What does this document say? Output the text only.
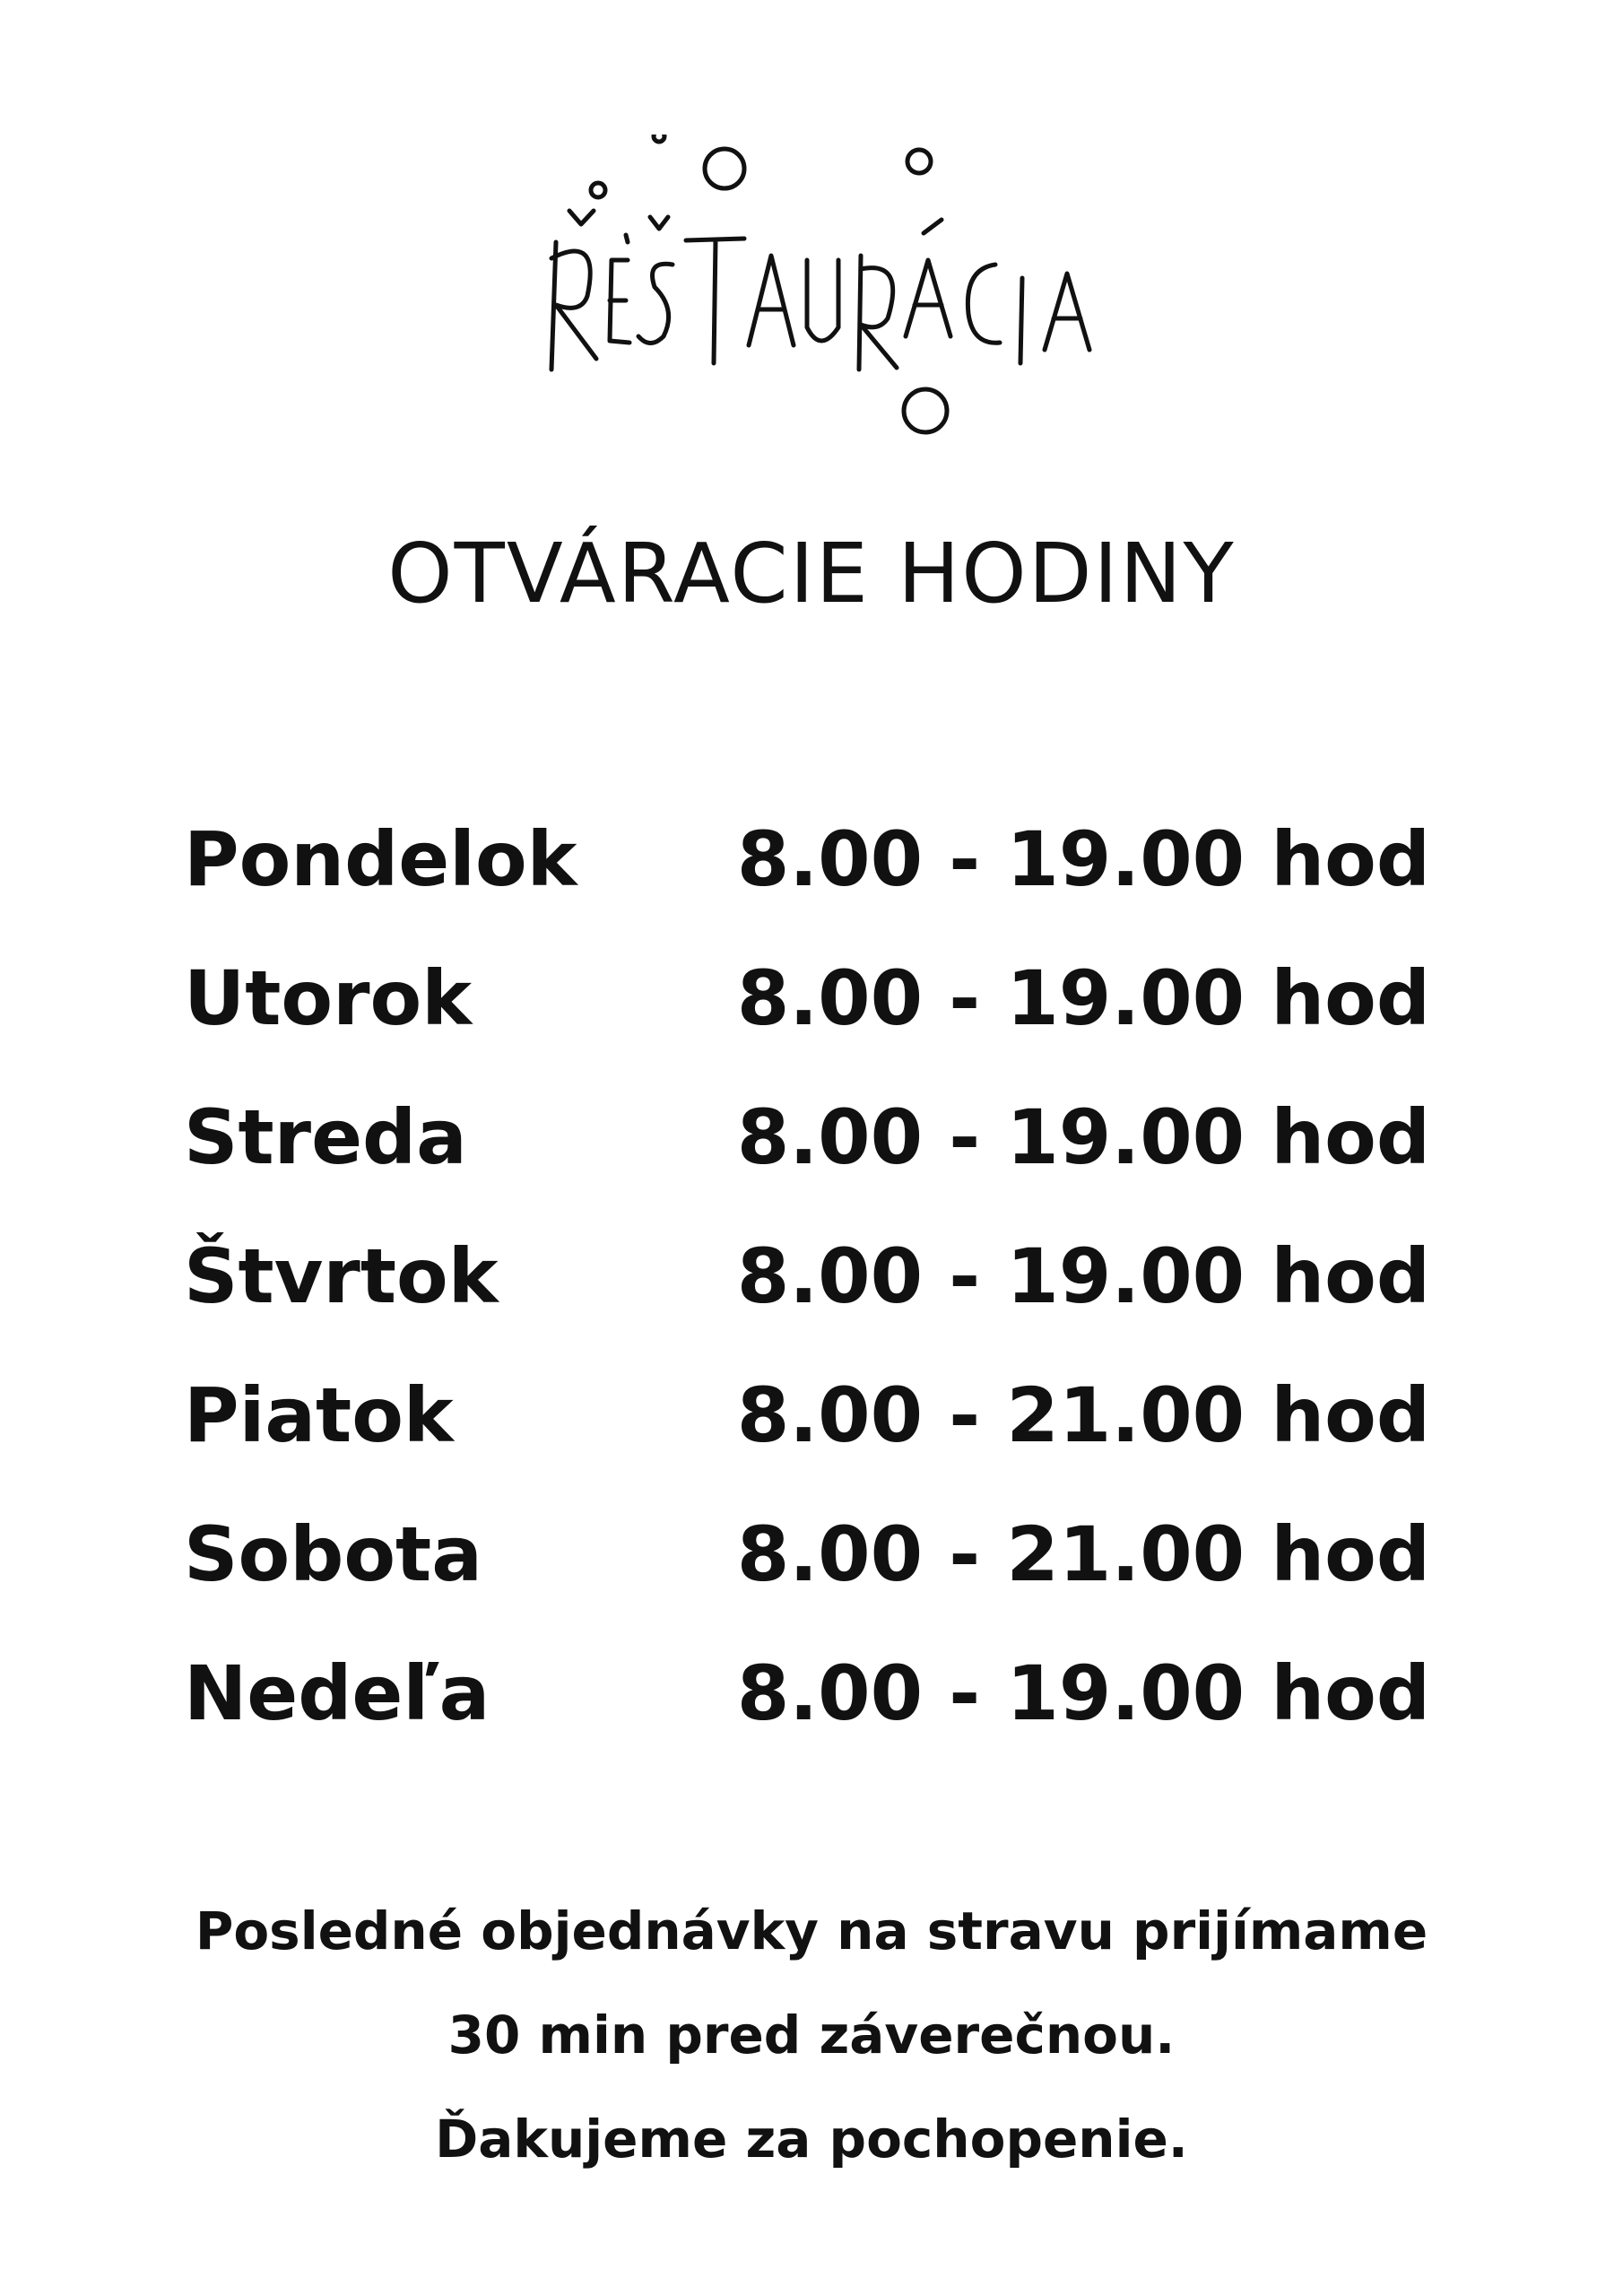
OTVÁRACIE HODINY
Pondelok	8.00 - 19.00 hod
Utorok	8.00 - 19.00 hod
Streda	8.00 - 19.00 hod
Štvrtok	8.00 - 19.00 hod
Piatok	8.00 - 21.00 hod
Sobota	8.00 - 21.00 hod
Nedeľa	8.00 - 19.00 hod
Posledné objednávky na stravu prijímame
30 min pred záverečnou.
Ďakujeme za pochopenie.
